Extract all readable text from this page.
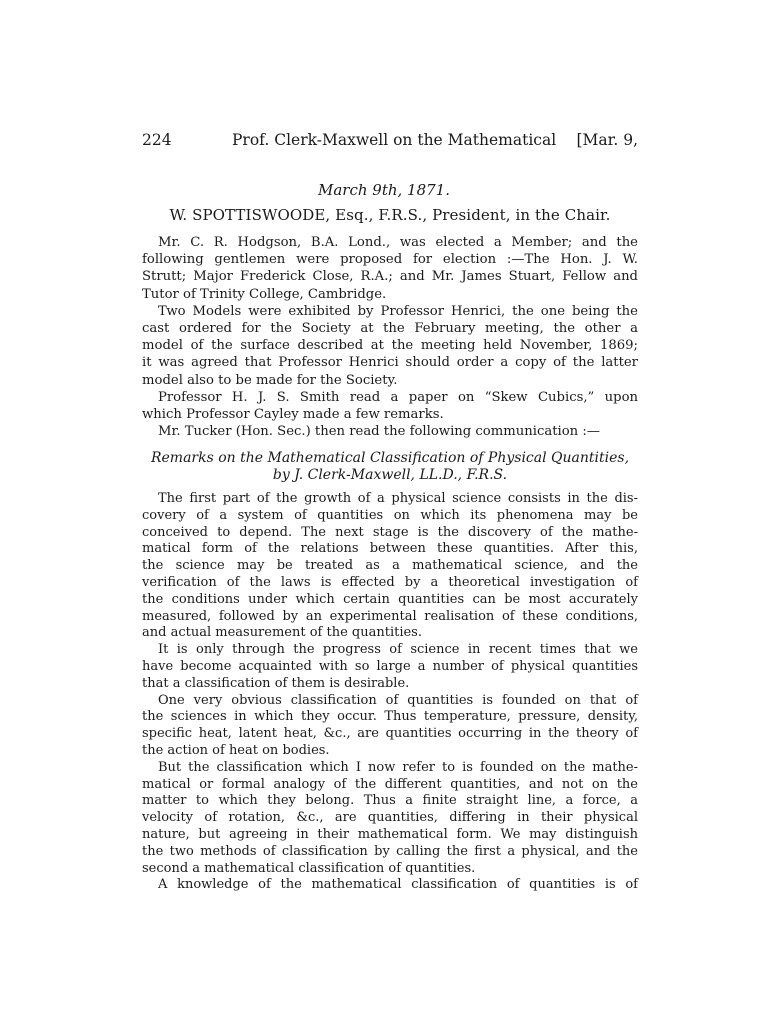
224	Prof. Clerk-Maxwell on the Mathematical [Mar. 9,
March 9th, 1871.
W. SPOTTISWOODE, Esq., F.R.S., President, in the Chair.
Mr. C. R. Hodgson, B.A. Lond., was elected a Member; and the
following gentlemen were proposed for election :—The Hon. J. W.
Strutt; Major Frederick Close, R.A.; and Mr. James Stuart, Fellow and
Tutor of Trinity College, Cambridge.
Two Models were exhibited by Professor Henrici, the one being the
cast ordered for the Society at the February meeting, the other a
model of the surface described at the meeting held November, 1869;
it was agreed that Professor Henrici should order a copy of the latter
model also to be made for the Society.
Professor H. J. S. Smith read a paper on “Skew Cubics,” upon
which Professor Cayley made a few remarks.
Mr. Tucker (Hon. Sec.) then read the following communication :—
Remarks on the Mathematical Classification of Physical Quantities,
by J. Clerk-Maxwell, LL.D., F.R.S.
The first part of the growth of a physical science consists in the dis-
covery of a system of quantities on which its phenomena may be
conceived to depend. The next stage is the discovery of the mathe-
matical form of the relations between these quantities. After this,
the science may be treated as a mathematical science, and the
verification of the laws is effected by a theoretical investigation of
the conditions under which certain quantities can be most accurately
measured, followed by an experimental realisation of these conditions,
and actual measurement of the quantities.
It is only through the progress of science in recent times that we
have become acquainted with so large a number of physical quantities
that a classification of them is desirable.
One very obvious classification of quantities is founded on that of
the sciences in which they occur. Thus temperature, pressure, density,
specific heat, latent heat, &c., are quantities occurring in the theory of
the action of heat on bodies.
But the classification which I now refer to is founded on the mathe-
matical or formal analogy of the different quantities, and not on the
matter to which they belong. Thus a finite straight line, a force, a
velocity of rotation, &c., are quantities, differing in their physical
nature, but agreeing in their mathematical form. We may distinguish
the two methods of classification by calling the first a physical, and the
second a mathematical classification of quantities.
A knowledge of the mathematical classification of quantities is of
